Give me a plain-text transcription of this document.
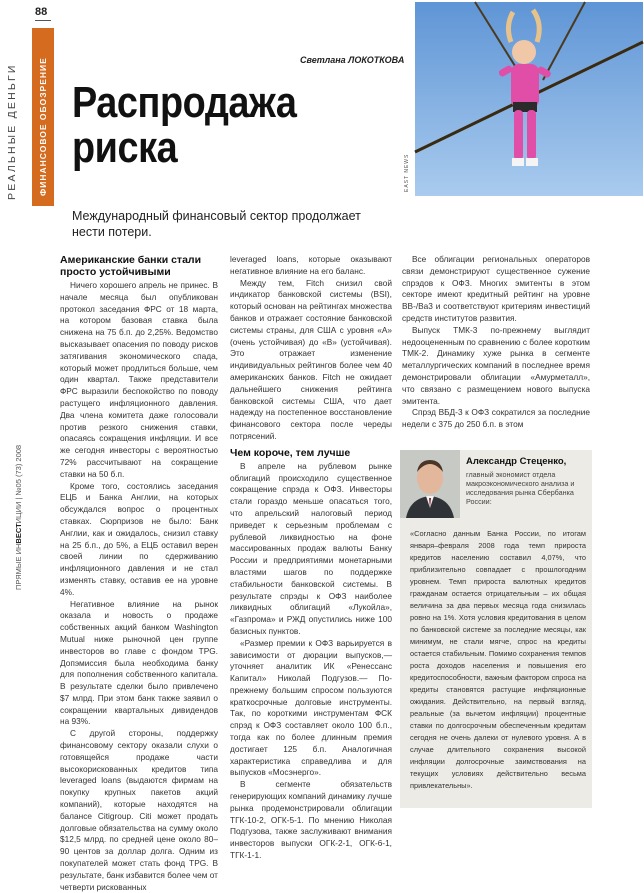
88
РЕАЛЬНЫЕ ДЕНЬГИ ФИНАНСОВОЕ ОБОЗРЕНИЕ
ПРЯМЫЕ ИНВЕСТИЦИИ | №05 (73) 2008
Светлана ЛОКОТКОВА
Распродажа
риска
Международный финансовый сектор продолжает нести потери.
EAST NEWS
Американские банки стали просто устойчивыми

Ничего хорошего апрель не принес. В начале месяца был опубликован протокол заседания ФРС от 18 марта, на котором базовая ставка была снижена на 75 б.п. до 2,25%. Ведомство высказывает опасения по поводу рисков затягивания экономического спада, который может продлиться больше, чем один квартал. Также представители ФРС выразили беспокойство по поводу растущего инфляционного давления. Два члена комитета даже голосовали против резкого снижения ставки, опасаясь сокращения инфляции. И все же сегодня инвесторы с вероятностью 72% рассчитывают на сокращение ставки на 50 б.п.

Кроме того, состоялись заседания ЕЦБ и Банка Англии, на которых обсуждался вопрос о процентных ставках. Сюрпризов не было: Банк Англии, как и ожидалось, снизил ставку на 25 б.п., до 5%, а ЕЦБ оставил верен своей линии по сдерживанию инфляционного давления и не стал изменять ставку, оставив ее на уровне 4%.

Негативное влияние на рынок оказала и новость о продаже собственных акций банком Washington Mutual ниже рыночной цен группе инвесторов во главе с фондом TPG. Допэмиссия была необходима банку для пополнения собственного капитала. В результате сделки было привлечено $7 млрд. При этом банк также заявил о сокращении квартальных дивидендов на 93%.

С другой стороны, поддержку финансовому сектору оказали слухи о готовящейся продаже части высокорискованных кредитов типа leveraged loans (выдаются фирмам на покупку крупных пакетов акций компаний), которые находятся на балансе Citigroup. Citi может продать долговые обязательства на сумму около $12,5 млрд. по средней цене около 80–90 центов за доллар долга. Одним из покупателей может стать фонд TPG. В результате, банк избавится более чем от четверти рискованных

leveraged loans, которые оказывают негативное влияние на его баланс.

Между тем, Fitch снизил свой индикатор банковской системы (BSI), который основан на рейтингах множества банков и отражает состояние банковской системы страны, для США с уровня «А» (очень устойчивая) до «В» (устойчивая). Это отражает изменение индивидуальных рейтингов более чем 40 американских банков. Fitch не ожидает дальнейшего снижения рейтинга банковской системы США, что дает надежду на постепенное восстановление финансового сектора после череды потрясений.

Чем короче, тем лучше

В апреле на рублевом рынке облигаций происходило существенное сокращение спрэда к ОФЗ. Инвесторы стали гораздо меньше опасаться того, что апрельский налоговый период приведет к серьезным проблемам с рублевой ликвидностью на фоне массированных продаж валюты Банку России и предприятиями монетарными властями шагов по поддержке стабильности банковской системы. В результате спрэды к ОФЗ наиболее ликвидных облигаций «Лукойла», «Газпрома» и РЖД опустились ниже 100 базисных пунктов.

«Размер премии к ОФЗ варьируется в зависимости от дюрации выпусков,— уточняет аналитик ИК «Ренессанс Капитал» Николай Подгузов.— По-прежнему большим спросом пользуются краткосрочные долговые инструменты. Так, по короткими инструментам ФСК спрэд к ОФЗ составляет около 100 б.п., тогда как по более длинным премия достигает 125 б.п. Аналогичная характеристика справедлива и для выпусков «Мосэнерго».

В сегменте обязательств генерирующих компаний динамику лучше рынка продемонстрировали облигации ТГК-10-2, ОГК-5-1. По мнению Николая Подгузова, также заслуживают внимания инвесторов выпуски ОГК-2-1, ОГК-6-1, ТГК-1-1.

Все облигации региональных операторов связи демонстрируют существенное сужение спрэдов к ОФЗ. Многих эмитенты в этом секторе имеют кредитный рейтинг на уровне BB-/Ba3 и соответствуют критериям инвестиций средств институтов развития.

Выпуск ТМК-3 по-прежнему выглядит недооцененным по сравнению с более коротким ТМК-2. Динамику хуже рынка в сегменте металлургических компаний в последнее время демонстрировали облигации «Амурметалл», что связано с размещением нового выпуска эмитента.

Спрэд ВБД-3 к ОФЗ сократился за последние недели с 375 до 250 б.п. в этом

Александр Стеценко,
главный экономист отдела макроэкономического анализа и исследования рынка Сбербанка России:
«Согласно данным Банка России, по итогам января–февраля 2008 года темп прироста кредитов населению составил 4,07%, что приблизительно совпадает с прошлогодним уровнем. Темп прироста валютных кредитов гражданам остается отрицательным – их общая величина за два первых месяца года снизилась ровно на 1%. Хотя условия кредитования в целом по банковской системе за последние месяцы, как минимум, не стали мягче, спрос на кредиты остается стабильным. Помимо сохранения темпов роста доходов населения и повышения его кредитоспособности, важным фактором спроса на кредиты становятся растущие инфляционные ожидания. Действительно, на первый взгляд, реальные (за вычетом инфляции) процентные ставки по долгосрочным обеспеченным кредитам сегодня не очень далеки от нулевого уровня. А в случае длительного сохранения высокой инфляции долгосрочные заимствования на текущих условиях действительно весьма привлекательны».
